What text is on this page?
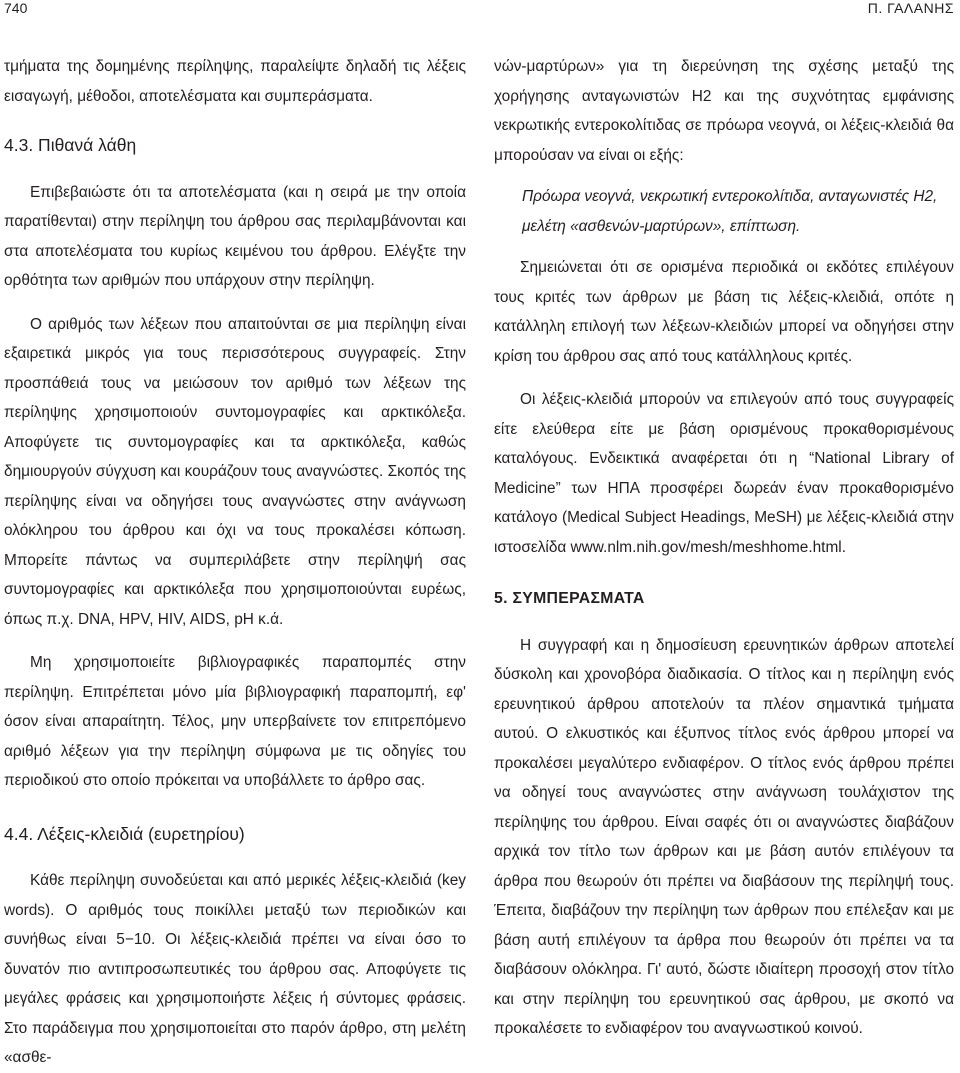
740	Π. ΓΑΛΑΝΗΣ

τμήματα της δομημένης περίληψης, παραλείψτε δηλαδή τις λέξεις εισαγωγή, μέθοδοι, αποτελέσματα και συμπεράσματα.

4.3. Πιθανά λάθη

Επιβεβαιώστε ότι τα αποτελέσματα (και η σειρά με την οποία παρατίθενται) στην περίληψη του άρθρου σας περιλαμβάνονται και στα αποτελέσματα του κυρίως κειμένου του άρθρου. Ελέγξτε την ορθότητα των αριθμών που υπάρχουν στην περίληψη.

Ο αριθμός των λέξεων που απαιτούνται σε μια περίληψη είναι εξαιρετικά μικρός για τους περισσότερους συγγραφείς. Στην προσπάθειά τους να μειώσουν τον αριθμό των λέξεων της περίληψης χρησιμοποιούν συντομογραφίες και αρκτικόλεξα. Αποφύγετε τις συντομογραφίες και τα αρκτικόλεξα, καθώς δημιουργούν σύγχυση και κουράζουν τους αναγνώστες. Σκοπός της περίληψης είναι να οδηγήσει τους αναγνώστες στην ανάγνωση ολόκληρου του άρθρου και όχι να τους προκαλέσει κόπωση. Μπορείτε πάντως να συμπεριλάβετε στην περίληψή σας συντομογραφίες και αρκτικόλεξα που χρησιμοποιούνται ευρέως, όπως π.χ. DNA, HPV, HIV, AIDS, pH κ.ά.

Μη χρησιμοποιείτε βιβλιογραφικές παραπομπές στην περίληψη. Επιτρέπεται μόνο μία βιβλιογραφική παραπομπή, εφ' όσον είναι απαραίτητη. Τέλος, μην υπερβαίνετε τον επιτρεπόμενο αριθμό λέξεων για την περίληψη σύμφωνα με τις οδηγίες του περιοδικού στο οποίο πρόκειται να υποβάλλετε το άρθρο σας.

4.4. Λέξεις-κλειδιά (ευρετηρίου)

Κάθε περίληψη συνοδεύεται και από μερικές λέξεις-κλειδιά (key words). Ο αριθμός τους ποικίλλει μεταξύ των περιοδικών και συνήθως είναι 5−10. Οι λέξεις-κλειδιά πρέπει να είναι όσο το δυνατόν πιο αντιπροσωπευτικές του άρθρου σας. Αποφύγετε τις μεγάλες φράσεις και χρησιμοποιήστε λέξεις ή σύντομες φράσεις. Στο παράδειγμα που χρησιμοποιείται στο παρόν άρθρο, στη μελέτη «ασθε-

νών-μαρτύρων» για τη διερεύνηση της σχέσης μεταξύ της χορήγησης ανταγωνιστών Η2 και της συχνότητας εμφάνισης νεκρωτικής εντεροκολίτιδας σε πρόωρα νεογνά, οι λέξεις-κλειδιά θα μπορούσαν να είναι οι εξής:

Πρόωρα νεογνά, νεκρωτική εντεροκολίτιδα, ανταγωνιστές Η2, μελέτη «ασθενών-μαρτύρων», επίπτωση.

Σημειώνεται ότι σε ορισμένα περιοδικά οι εκδότες επιλέγουν τους κριτές των άρθρων με βάση τις λέξεις-κλειδιά, οπότε η κατάλληλη επιλογή των λέξεων-κλειδιών μπορεί να οδηγήσει στην κρίση του άρθρου σας από τους κατάλληλους κριτές.

Οι λέξεις-κλειδιά μπορούν να επιλεγούν από τους συγγραφείς είτε ελεύθερα είτε με βάση ορισμένους προκαθορισμένους καταλόγους. Ενδεικτικά αναφέρεται ότι η “National Library of Medicine” των ΗΠΑ προσφέρει δωρεάν έναν προκαθορισμένο κατάλογο (Medical Subject Headings, MeSH) με λέξεις-κλειδιά στην ιστοσελίδα www.nlm.nih.gov/mesh/meshhome.html.

5. ΣΥΜΠΕΡΑΣΜΑΤΑ

Η συγγραφή και η δημοσίευση ερευνητικών άρθρων αποτελεί δύσκολη και χρονοβόρα διαδικασία. Ο τίτλος και η περίληψη ενός ερευνητικού άρθρου αποτελούν τα πλέον σημαντικά τμήματα αυτού. Ο ελκυστικός και έξυπνος τίτλος ενός άρθρου μπορεί να προκαλέσει μεγαλύτερο ενδιαφέρον. Ο τίτλος ενός άρθρου πρέπει να οδηγεί τους αναγνώστες στην ανάγνωση τουλάχιστον της περίληψης του άρθρου. Είναι σαφές ότι οι αναγνώστες διαβάζουν αρχικά τον τίτλο των άρθρων και με βάση αυτόν επιλέγουν τα άρθρα που θεωρούν ότι πρέπει να διαβάσουν της περίληψή τους. Έπειτα, διαβάζουν την περίληψη των άρθρων που επέλεξαν και με βάση αυτή επιλέγουν τα άρθρα που θεωρούν ότι πρέπει να τα διαβάσουν ολόκληρα. Γι' αυτό, δώστε ιδιαίτερη προσοχή στον τίτλο και στην περίληψη του ερευνητικού σας άρθρου, με σκοπό να προκαλέσετε το ενδιαφέρον του αναγνωστικού κοινού.
